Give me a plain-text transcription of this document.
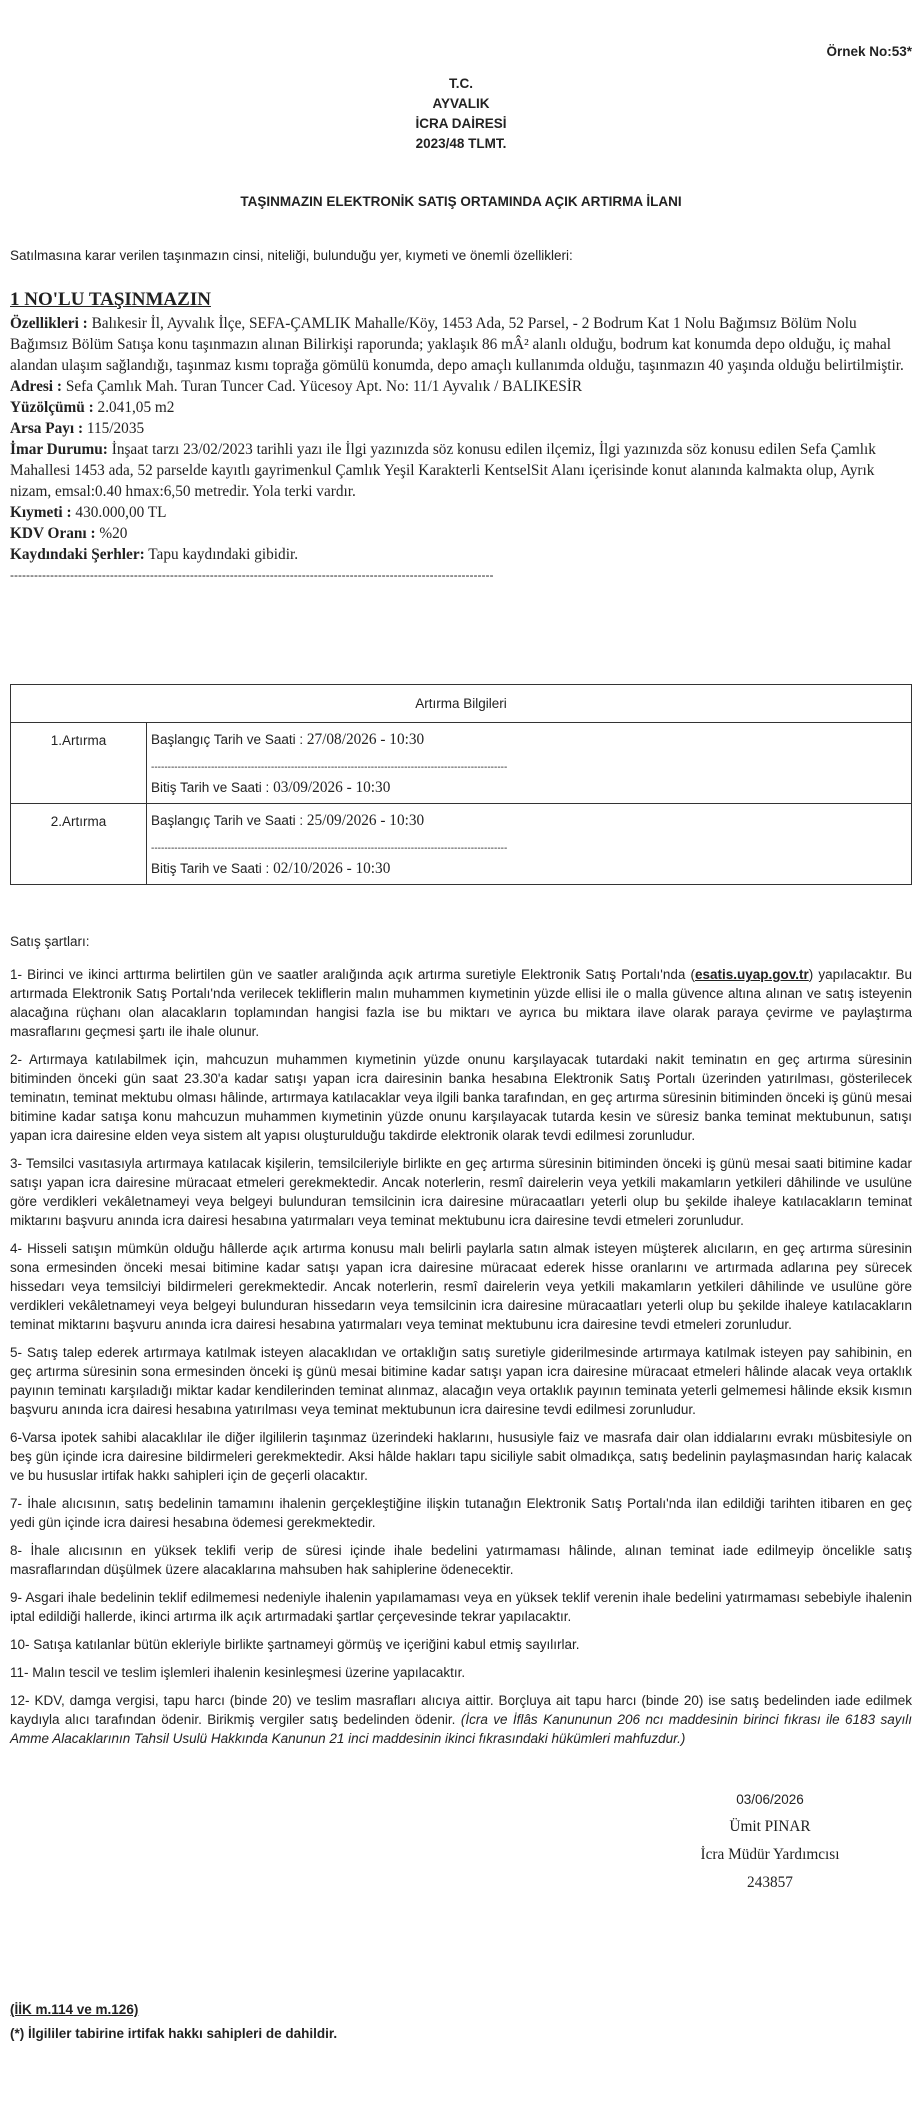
Örnek No:53*
T.C.
AYVALIK
İCRA DAİRESİ
2023/48 TLMT.
TAŞINMAZIN ELEKTRONİK SATIŞ ORTAMINDA AÇIK ARTIRMA İLANI
Satılmasına karar verilen taşınmazın cinsi, niteliği, bulunduğu yer, kıymeti ve önemli özellikleri:
1 NO'LU TAŞINMAZIN
Özellikleri : Balıkesir İl, Ayvalık İlçe, SEFA-ÇAMLIK Mahalle/Köy, 1453 Ada, 52 Parsel, - 2 Bodrum Kat 1 Nolu Bağımsız Bölüm Nolu Bağımsız Bölüm Satışa konu taşınmazın alınan Bilirkişi raporunda; yaklaşık 86 mÂ² alanlı olduğu, bodrum kat konumda depo olduğu, iç mahal alandan ulaşım sağlandığı, taşınmaz kısmı toprağa gömülü konumda, depo amaçlı kullanımda olduğu, taşınmazın 40 yaşında olduğu belirtilmiştir.
Adresi : Sefa Çamlık Mah. Turan Tuncer Cad. Yücesoy Apt. No: 11/1 Ayvalık / BALIKESİR
Yüzölçümü : 2.041,05 m2
Arsa Payı : 115/2035
İmar Durumu: İnşaat tarzı 23/02/2023 tarihli yazı ile İlgi yazınızda söz konusu edilen ilçemiz, İlgi yazınızda söz konusu edilen Sefa Çamlık Mahallesi 1453 ada, 52 parselde kayıtlı gayrimenkul Çamlık Yeşil Karakterli KentselSit Alanı içerisinde konut alanında kalmakta olup, Ayrık nizam, emsal:0.40 hmax:6,50 metredir. Yola terki vardır.
Kıymeti : 430.000,00 TL
KDV Oranı : %20
Kaydındaki Şerhler: Tapu kaydındaki gibidir.
-------------------------------------------------------------------------------------------------------------------------
Artırma Bilgileri	
1.Artırma	Başlangıç Tarih ve Saati : 27/08/2026 - 10:30
-----------------------------------------------------------------------------------------------------------
Bitiş Tarih ve Saati : 03/09/2026 - 10:30

2.Artırma	Başlangıç Tarih ve Saati : 25/09/2026 - 10:30
-----------------------------------------------------------------------------------------------------------
Bitiş Tarih ve Saati : 02/10/2026 - 10:30

Satış şartları:

1- Birinci ve ikinci arttırma belirtilen gün ve saatler aralığında açık artırma suretiyle Elektronik Satış Portalı'nda (esatis.uyap.gov.tr) yapılacaktır. Bu artırmada Elektronik Satış Portalı'nda verilecek tekliflerin malın muhammen kıymetinin yüzde ellisi ile o malla güvence altına alınan ve satış isteyenin alacağına rüçhanı olan alacakların toplamından hangisi fazla ise bu miktarı ve ayrıca bu miktara ilave olarak paraya çevirme ve paylaştırma masraflarını geçmesi şartı ile ihale olunur.

2- Artırmaya katılabilmek için, mahcuzun muhammen kıymetinin yüzde onunu karşılayacak tutardaki nakit teminatın en geç artırma süresinin bitiminden önceki gün saat 23.30'a kadar satışı yapan icra dairesinin banka hesabına Elektronik Satış Portalı üzerinden yatırılması, gösterilecek teminatın, teminat mektubu olması hâlinde, artırmaya katılacaklar veya ilgili banka tarafından, en geç artırma süresinin bitiminden önceki iş günü mesai bitimine kadar satışa konu mahcuzun muhammen kıymetinin yüzde onunu karşılayacak tutarda kesin ve süresiz banka teminat mektubunun, satışı yapan icra dairesine elden veya sistem alt yapısı oluşturulduğu takdirde elektronik olarak tevdi edilmesi zorunludur.

3- Temsilci vasıtasıyla artırmaya katılacak kişilerin, temsilcileriyle birlikte en geç artırma süresinin bitiminden önceki iş günü mesai saati bitimine kadar satışı yapan icra dairesine müracaat etmeleri gerekmektedir. Ancak noterlerin, resmî dairelerin veya yetkili makamların yetkileri dâhilinde ve usulüne göre verdikleri vekâletnameyi veya belgeyi bulunduran temsilcinin icra dairesine müracaatları yeterli olup bu şekilde ihaleye katılacakların teminat miktarını başvuru anında icra dairesi hesabına yatırmaları veya teminat mektubunu icra dairesine tevdi etmeleri zorunludur.

4- Hisseli satışın mümkün olduğu hâllerde açık artırma konusu malı belirli paylarla satın almak isteyen müşterek alıcıların, en geç artırma süresinin sona ermesinden önceki mesai bitimine kadar satışı yapan icra dairesine müracaat ederek hisse oranlarını ve artırmada adlarına pey sürecek hissedarı veya temsilciyi bildirmeleri gerekmektedir. Ancak noterlerin, resmî dairelerin veya yetkili makamların yetkileri dâhilinde ve usulüne göre verdikleri vekâletnameyi veya belgeyi bulunduran hissedarın veya temsilcinin icra dairesine müracaatları yeterli olup bu şekilde ihaleye katılacakların teminat miktarını başvuru anında icra dairesi hesabına yatırmaları veya teminat mektubunu icra dairesine tevdi etmeleri zorunludur.

5- Satış talep ederek artırmaya katılmak isteyen alacaklıdan ve ortaklığın satış suretiyle giderilmesinde artırmaya katılmak isteyen pay sahibinin, en geç artırma süresinin sona ermesinden önceki iş günü mesai bitimine kadar satışı yapan icra dairesine müracaat etmeleri hâlinde alacak veya ortaklık payının teminatı karşıladığı miktar kadar kendilerinden teminat alınmaz, alacağın veya ortaklık payının teminata yeterli gelmemesi hâlinde eksik kısmın başvuru anında icra dairesi hesabına yatırılması veya teminat mektubunun icra dairesine tevdi edilmesi zorunludur.

6-Varsa ipotek sahibi alacaklılar ile diğer ilgililerin taşınmaz üzerindeki haklarını, hususiyle faiz ve masrafa dair olan iddialarını evrakı müsbitesiyle on beş gün içinde icra dairesine bildirmeleri gerekmektedir. Aksi hâlde hakları tapu siciliyle sabit olmadıkça, satış bedelinin paylaşmasından hariç kalacak ve bu hususlar irtifak hakkı sahipleri için de geçerli olacaktır.

7- İhale alıcısının, satış bedelinin tamamını ihalenin gerçekleştiğine ilişkin tutanağın Elektronik Satış Portalı'nda ilan edildiği tarihten itibaren en geç yedi gün içinde icra dairesi hesabına ödemesi gerekmektedir.

8- İhale alıcısının en yüksek teklifi verip de süresi içinde ihale bedelini yatırmaması hâlinde, alınan teminat iade edilmeyip öncelikle satış masraflarından düşülmek üzere alacaklarına mahsuben hak sahiplerine ödenecektir.

9- Asgari ihale bedelinin teklif edilmemesi nedeniyle ihalenin yapılamaması veya en yüksek teklif verenin ihale bedelini yatırmaması sebebiyle ihalenin iptal edildiği hallerde, ikinci artırma ilk açık artırmadaki şartlar çerçevesinde tekrar yapılacaktır.

10- Satışa katılanlar bütün ekleriyle birlikte şartnameyi görmüş ve içeriğini kabul etmiş sayılırlar.

11- Malın tescil ve teslim işlemleri ihalenin kesinleşmesi üzerine yapılacaktır.

12- KDV, damga vergisi, tapu harcı (binde 20) ve teslim masrafları alıcıya aittir. Borçluya ait tapu harcı (binde 20) ise satış bedelinden iade edilmek kaydıyla alıcı tarafından ödenir. Birikmiş vergiler satış bedelinden ödenir. (İcra ve İflâs Kanununun 206 ncı maddesinin birinci fıkrası ile 6183 sayılı Amme Alacaklarının Tahsil Usulü Hakkında Kanunun 21 inci maddesinin ikinci fıkrasındaki hükümleri mahfuzdur.)

03/06/2026
Ümit PINAR
İcra Müdür Yardımcısı
243857
(İİK m.114 ve m.126)
(*) İlgililer tabirine irtifak hakkı sahipleri de dahildir.
